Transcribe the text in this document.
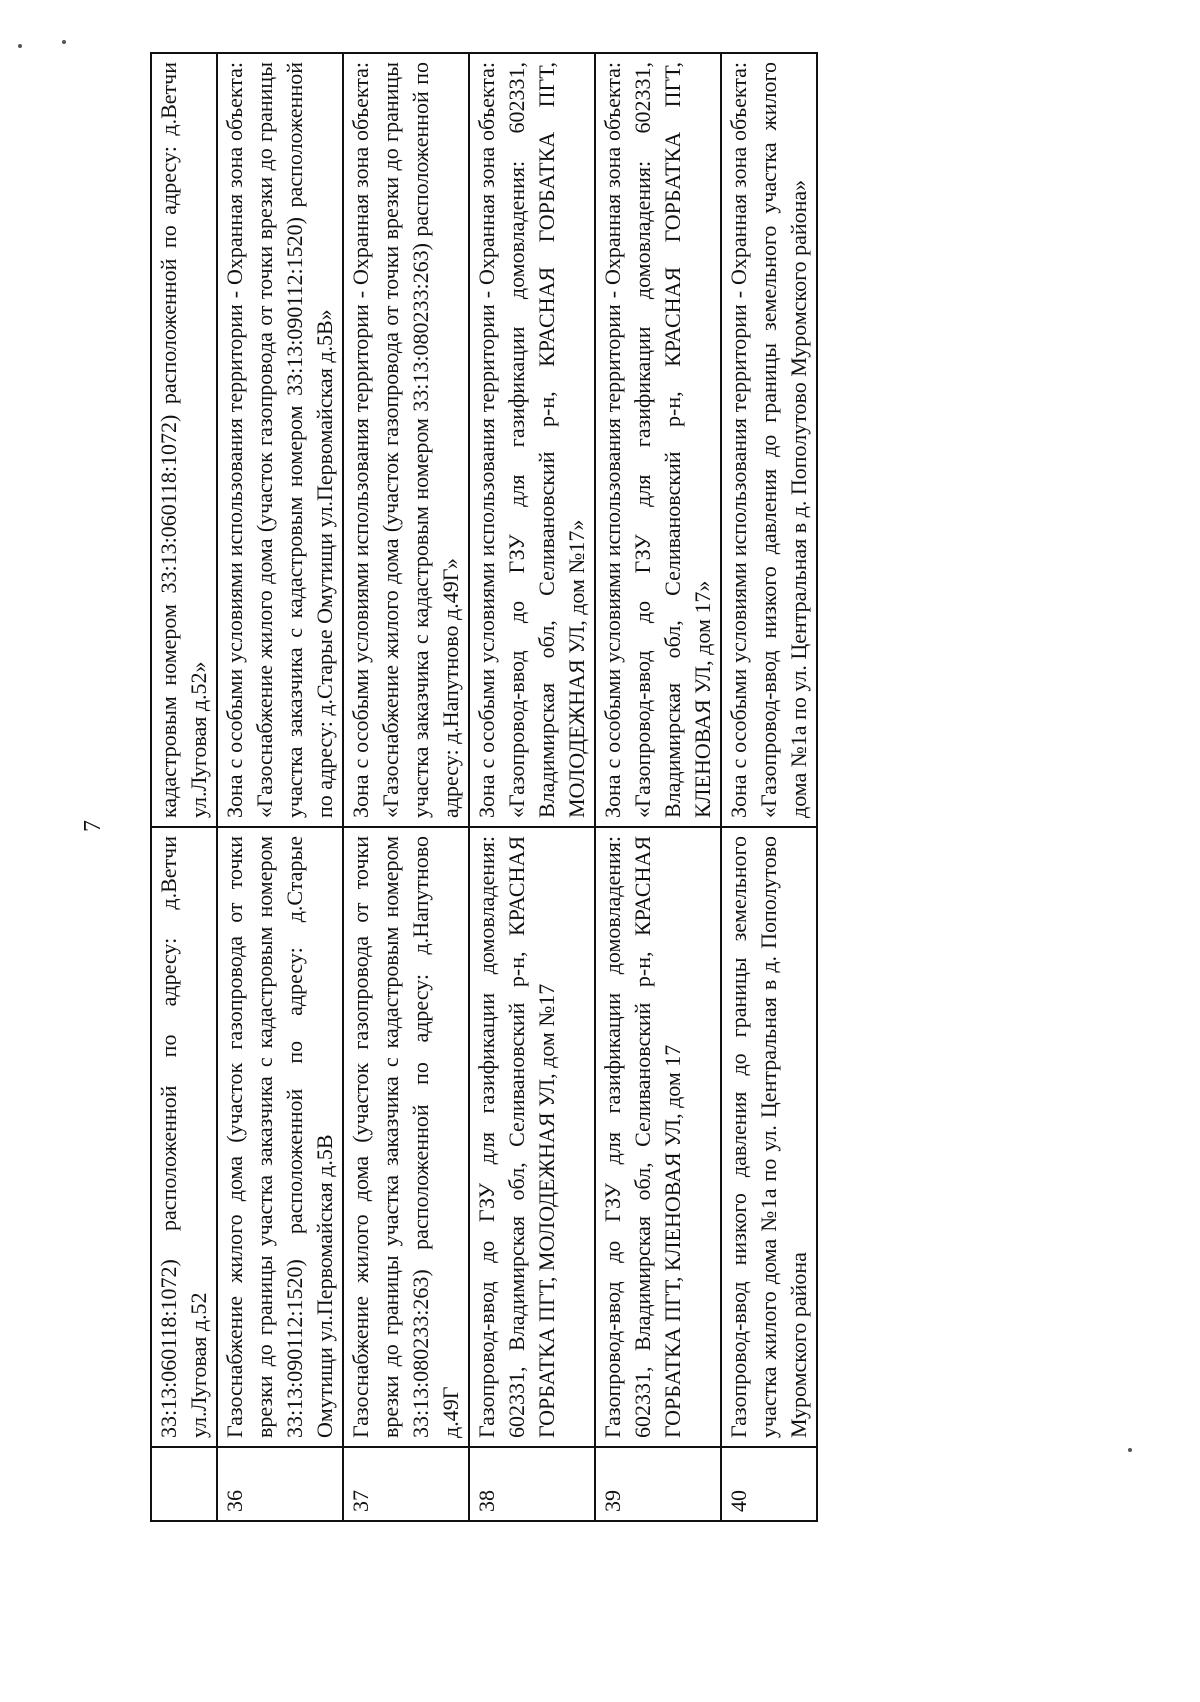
7
	33:13:060118:1072) расположенной по адресу: д.Ветчи ул.Луговая д.52	кадастровым номером 33:13:060118:1072) расположенной по адресу: д.Ветчи ул.Луговая д.52»
36	Газоснабжение жилого дома (участок газопровода от точки врезки до границы участка заказчика с кадастровым номером 33:13:090112:1520) расположенной по адресу: д.Старые Омутищи ул.Первомайская д.5В	Зона с особыми условиями использования территории - Охранная зона объекта: «Газоснабжение жилого дома (участок газопровода от точки врезки до границы участка заказчика с кадастровым номером 33:13:090112:1520) расположенной по адресу: д.Старые Омутищи ул.Первомайская д.5В»
37	Газоснабжение жилого дома (участок газопровода от точки врезки до границы участка заказчика с кадастровым номером 33:13:080233:263) расположенной по адресу: д.Напутново д.49Г	Зона с особыми условиями использования территории - Охранная зона объекта: «Газоснабжение жилого дома (участок газопровода от точки врезки до границы участка заказчика с кадастровым номером 33:13:080233:263) расположенной по адресу: д.Напутново д.49Г»
38	Газопровод-ввод до ГЗУ для газификации домовладения: 602331, Владимирская обл, Селивановский р-н, КРАСНАЯ ГОРБАТКА ПГТ, МОЛОДЕЖНАЯ УЛ, дом №17	Зона с особыми условиями использования территории - Охранная зона объекта: «Газопровод-ввод до ГЗУ для газификации домовладения: 602331, Владимирская обл, Селивановский р-н, КРАСНАЯ ГОРБАТКА ПГТ, МОЛОДЕЖНАЯ УЛ, дом №17»
39	Газопровод-ввод до ГЗУ для газификации домовладения: 602331, Владимирская обл, Селивановский р-н, КРАСНАЯ ГОРБАТКА ПГТ, КЛЕНОВАЯ УЛ, дом 17	Зона с особыми условиями использования территории - Охранная зона объекта: «Газопровод-ввод до ГЗУ для газификации домовладения: 602331, Владимирская обл, Селивановский р-н, КРАСНАЯ ГОРБАТКА ПГТ, КЛЕНОВАЯ УЛ, дом 17»
40	Газопровод-ввод низкого давления до границы земельного участка жилого дома №1а по ул. Центральная в д. Пополутово Муромского района	Зона с особыми условиями использования территории - Охранная зона объекта: «Газопровод-ввод низкого давления до границы земельного участка жилого дома №1а по ул. Центральная в д. Пополутово Муромского района»
